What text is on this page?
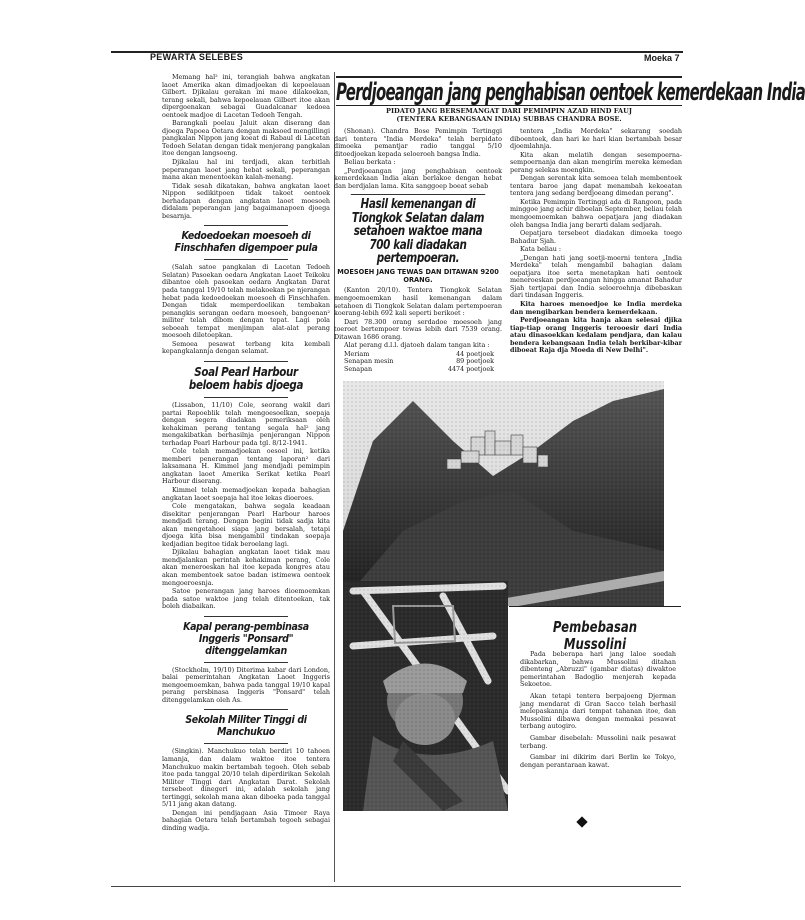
PEWARTA SELEBES	Moeka 7

Memang hal² ini, terangiah bahwa angkatan laoet Amerika akan dimadjoekan di kepoelauan Gilbert. Djikalau gerakan ini maoe dilakoekan, terang sekali, bahwa kepoelauan Gilbert itoe akan dipergoenakan sebagai Guadalcanar kedoea oentoek madjoe di Lacetan Tedoeh Tengah.

Barangkali poelau Jaluit akan diserang dan djoega Papoea Oetara dengan maksoed mengillingi pangkalan Nippon jang koeat di Rabaul di Lacetan Tedoeh Selatan dengan tidak menjerang pangkalan itoe dengan langsoeng.

Djikalau hal ini terdjadi, akan terbitlah peperangan laoet jang hebat sekali, peperangan mana akan menentoekan kalah-menang.

Tidak sesah dikatakan, bahwa angkatan laoet Nippon sedikitpoen tidak takoet oentoek berhadapan dengan angkatan laoet moesoeh didalam peperangan jang bagaimanapoen djoega besarnja.

Kedoedoekan moesoeh di Finschhafen digempoer pula

(Salah satoe pangkalan di Lacetan Tedoeh Selatan) Pasoekan oedara Angkatan Laoet Teikoku dibantoe oleh pasoekan oedara Angkatan Darat pada tanggal 19/10 telah melakoekan pe njerangan hebat pada kedoedoekan moesoeh di Finschhafen. Dengan tidak memperdoelikan tembakan penangkis serangan oedara moesoeh, bangoenan² militer telah dibom dengan tepat. Lagi pola seboeah tempat menjimpan alat-alat perang moesoeh diletoepkan.

Semoea pesawat terbang kita kembali kepangkalannja dengan selamat.

Soal Pearl Harbour beloem habis djoega

(Lissabon, 11/10) Cole, seorang wakil dari partai Repoeblik telah mengoesoelkan, soepaja dengan segera diadakan pemeriksaan oleh kehakiman perang tentang segala hal² jang mengakibatkan berhasilnja penjerangan Nippon terhadap Pearl Harbour pada tgl. 8/12-1941.

Cole telah memadjoekan oesoel ini, ketika memberi penerangan tentang laporan² dari laksamana H. Kimmel jang mendjadi pemimpin angkatan laoet Amerika Serikat ketika Pearl Harbour diserang.

Kimmel telah memadjoekan kepada bahagian angkatan laoet soepaja hal itoe lekas dioeroes.

Cole mengatakan, bahwa segala keadaan disekitar penjerangan Pearl Harbour haroes mendjadi terang. Dengan begini tidak sadja kita akan mengetahoei siapa jang bersalah, tetapi djoega kita bisa mengambil tindakan soepaja kedjadian begitoe tidak beroelang lagi.

Djikalau bahagian angkatan laoet tidak mau mendjalankan perintah kehakiman perang, Cole akan meneroeskan hal itoe kepada kongres atau akan membentoek satoe badan istimewa oentoek mengoeroesnja.

Satoe penerangan jang haroes dioemoemkan pada satoe waktoe jang telah ditentoekan, tak boleh diabaikan.

Kapal perang-pembinasa Inggeris "Ponsard" ditenggelamkan

(Stockholm, 19/10) Diterima kabar dari London, balai pemerintahan Angkatan Laoet Inggeris mengoemoemkan, bahwa pada tanggal 19/10 kapal perang persbinasa Inggeris "Ponsard" telah ditenggelamkan oleh As.

Sekolah Militer Tinggi di Manchukuo

(Singkin). Manchukuo telah berdiri 10 tahoen lamanja, dan dalam waktoe itoe tentera Manchukuo makin bertambah tegoeh. Oleh sebab itoe pada tanggal 20/10 telah diperdirikan Sekolah Militer Tinggi dari Angkatan Darat. Sekolah tersebeot dinegeri ini, adalah sekolah jang tertinggi, sekolah mana akan diboeka pada tanggal 5/11 jang akan datang.

Dengan ini pendjagaan Asia Timoer Raya bahagian Oetara telah bertambah tegoeh sebagai dinding wadja.

Perdjoeangan jang penghabisan oentoek kemerdekaan India
PIDATO JANG BERSEMANGAT DARI PEMIMPIN AZAD HIND FAUJ
(TENTERA KEBANGSAAN INDIA) SUBBAS CHANDRA BOSE.

(Shonan). Chandra Bose Pemimpin Tertinggi dari tentera "India Merdeka" telah berpidato dimoeka pemantjar radio tanggal 5/10 ditoedjoekan kepada seloeroeh bangsa India.

Beliau berkata :

„Perdjoeangan jang penghabisan oentoek kemerdekaan India akan berlakoe dengan hebat dan berdjalan lama. Kita sanggoep boeat sebab

Hasil kemenangan di Tiongkok Selatan dalam setahoen waktoe mana 700 kali diadakan pertempoeran.
MOESOEH JANG TEWAS DAN DITAWAN 9200 ORANG.

(Kanton 20/10). Tentera Tiongkok Selatan mengoemoemkan hasil kemenangan dalam setahoen di Tiongkok Selatan dalam pertempoeran koerang-lebih 692 kali seperti berikoet :

Dari 78.300 orang serdadoe moesoeh jang toeroet bertempoer tewas lebih dari 7539 orang. Ditawan 1686 orang.

Alat perang d.l.l. djatoeh dalam tangan kita :

Meriam	44 poetjoek
Senapan mesin	89 poetjoek
Senapan	4474 poetjoek

tentera „India Merdeka" sekarang soedah diboentoek, dan hari ke hari kian bertambah besar djoemlahnja.

Kita akan melatih dengan sesempoerna-sempoernanja dan akan mengirim mereka kemedan perang selekas moengkin.

Dengan serentak kita semoea telah membentoek tentara baroe jang dapat menambah kekoeatan tentera jang sedang berdjoeang dimedan perang".

Ketika Pemimpin Tertinggi ada di Rangoon, pada minggoe jang achir diboelan September, beliau telah mengoemoemkan bahwa oepatjara jang diadakan oleh bangsa India jang berarti dalam sedjarah.

Oepatjara tersebeot diadakan dimoeka toego Bahadur Sjah.

Kata beliau :

„Dengan hati jang soetji-moerni tentera „India Merdeka" telah mengambil bahagian dalam oepatjara itoe serta menetapkan hati oentoek meneroeskan perdjoeangan hingga amanat Bahadur Sjah tertjapai dan India seloeroehnja dibebaskan dari tindasan Inggeris.

Kita haroes menoedjoe ke India merdeka dan mengibarkan bendera kemerdekaan.

Perdjoeangan kita hanja akan selesai djika tiap-tiap orang Inggeris terooesir dari India atau dinasoekkan kedalam pendjara, dan kalau bendera kebangsaan India telah berkibar-kibar diboeat Raja dja Moeda di New Delhi".

Pembebasan Mussolini

Pada beberapa hari jang laloe soedah dikabarkan, bahwa Mussolini ditahan dibenteng „Abruzzi" (gambar diatas) diwaktoe pemerintahan Badoglio menjerah kepada Sekoetoe.

Akan tetapi tentera berpajoeng Djerman jang mendarat di Gran Sacco telah berhasil melepaskannja dari tempat tahanan itoe, dan Mussolini dibawa dengan memakai pesawat terbang autogiro.

Gambar disebelah: Mussolini naik pesawat terbang.

Gambar ini dikirim dari Berlin ke Tokyo, dengan perantaraan kawat.
